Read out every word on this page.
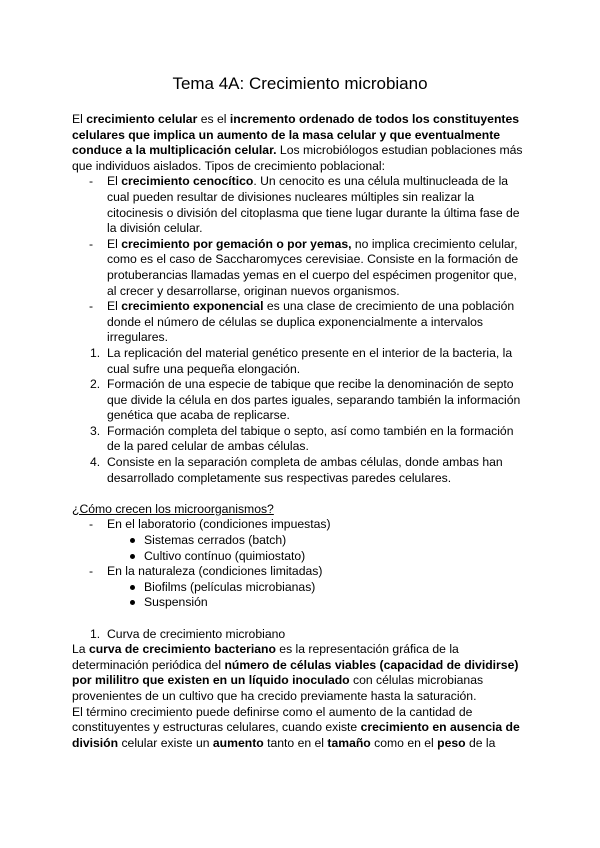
Tema 4A: Crecimiento microbiano

El crecimiento celular es el incremento ordenado de todos los constituyentes celulares que implica un aumento de la masa celular y que eventualmente conduce a la multiplicación celular. Los microbiólogos estudian poblaciones más que individuos aislados. Tipos de crecimiento poblacional:

- El crecimiento cenocítico. Un cenocito es una célula multinucleada de la cual pueden resultar de divisiones nucleares múltiples sin realizar la citocinesis o división del citoplasma que tiene lugar durante la última fase de la división celular.
- El crecimiento por gemación o por yemas, no implica crecimiento celular, como es el caso de Saccharomyces cerevisiae. Consiste en la formación de protuberancias llamadas yemas en el cuerpo del espécimen progenitor que, al crecer y desarrollarse, originan nuevos organismos.
- El crecimiento exponencial es una clase de crecimiento de una población donde el número de células se duplica exponencialmente a intervalos irregulares.
1. La replicación del material genético presente en el interior de la bacteria, la cual sufre una pequeña elongación.
2. Formación de una especie de tabique que recibe la denominación de septo que divide la célula en dos partes iguales, separando también la información genética que acaba de replicarse.
3. Formación completa del tabique o septo, así como también en la formación de la pared celular de ambas células.
4. Consiste en la separación completa de ambas células, donde ambas han desarrollado completamente sus respectivas paredes celulares.

¿Cómo crecen los microorganismos?

- En el laboratorio (condiciones impuestas)
Sistemas cerrados (batch)
Cultivo contínuo (quimiostato)
- En la naturaleza (condiciones limitadas)
Biofilms (películas microbianas)
Suspensión
1. Curva de crecimiento microbiano

La curva de crecimiento bacteriano es la representación gráfica de la determinación periódica del número de células viables (capacidad de dividirse) por mililitro que existen en un líquido inoculado con células microbianas provenientes de un cultivo que ha crecido previamente hasta la saturación.

El término crecimiento puede definirse como el aumento de la cantidad de constituyentes y estructuras celulares, cuando existe crecimiento en ausencia de división celular existe un aumento tanto en el tamaño como en el peso de la
